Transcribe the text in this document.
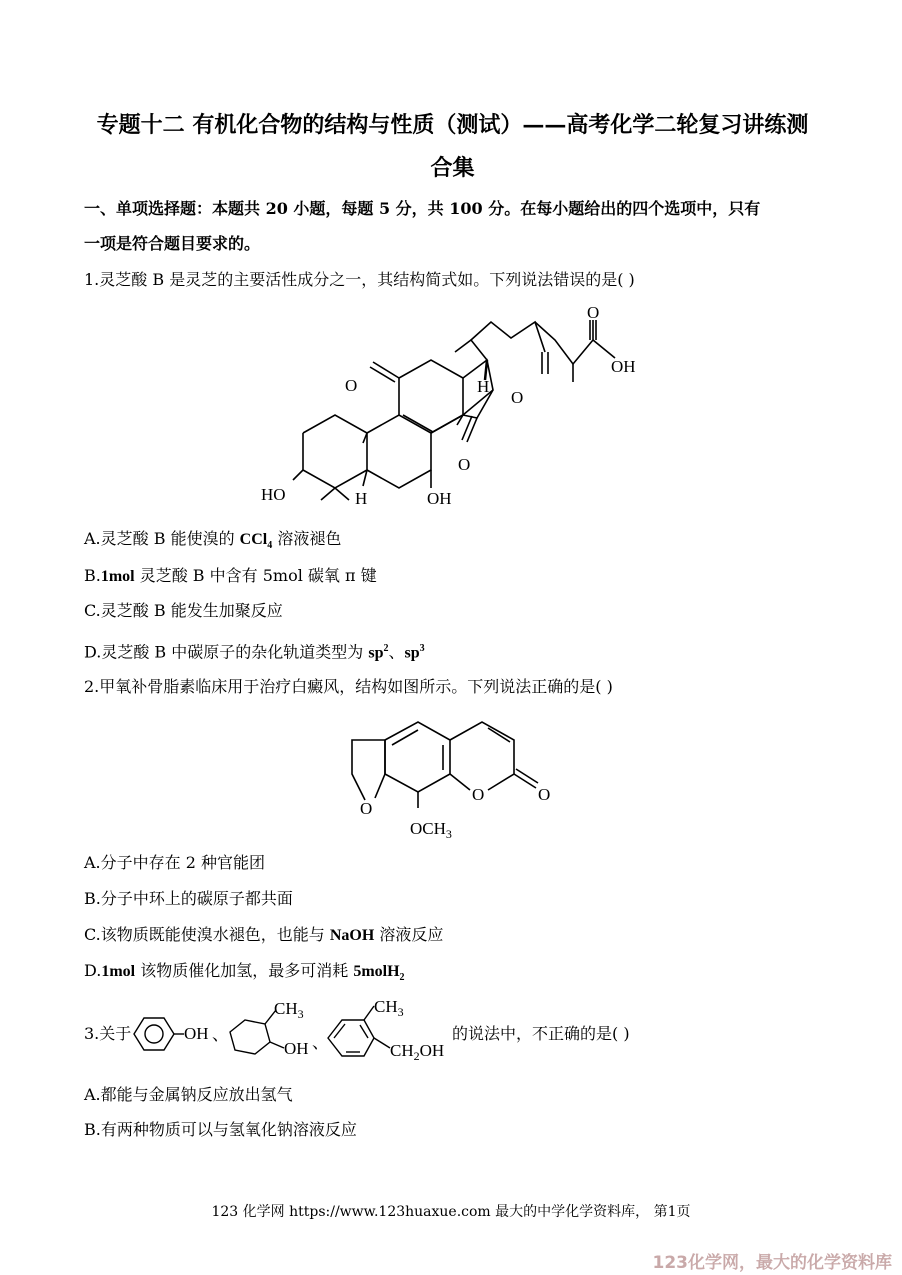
专题十二 有机化合物的结构与性质（测试）——高考化学二轮复习讲练测
合集
一、单项选择题：本题共 20 小题，每题 5 分，共 100 分。在每小题给出的四个选项中，只有
一项是符合题目要求的。
1.灵芝酸 B 是灵芝的主要活性成分之一，其结构简式如。下列说法错误的是( )
O
O
O
O
OH
H
H
HO	OH
A.灵芝酸 B 能使溴的 CCl$_4$ 溶液褪色
B.1mol 灵芝酸 B 中含有 5mol 碳氧 π 键
C.灵芝酸 B 能发生加聚反应
D.灵芝酸 B 中碳原子的杂化轨道类型为 $sp^2$、$sp^3$
2.甲氧补骨脂素临床用于治疗白癜风，结构如图所示。下列说法正确的是( )
O
O	O
$OCH_3$
A.分子中存在 2 种官能团
B.分子中环上的碳原子都共面
C.该物质既能使溴水褪色，也能与 NaOH 溶液反应
D.1mol 该物质催化加氢，最多可消耗 5molH$_2$
3.关于	OH 、
$CH_3$
OH 、
$CH_3$
$CH_2OH$
的说法中，不正确的是( )
A.都能与金属钠反应放出氢气
B.有两种物质可以与氢氧化钠溶液反应
123 化学网 https://www.123huaxue.com 最大的中学化学资料库， 第1页
123化学网，最大的化学资料库
